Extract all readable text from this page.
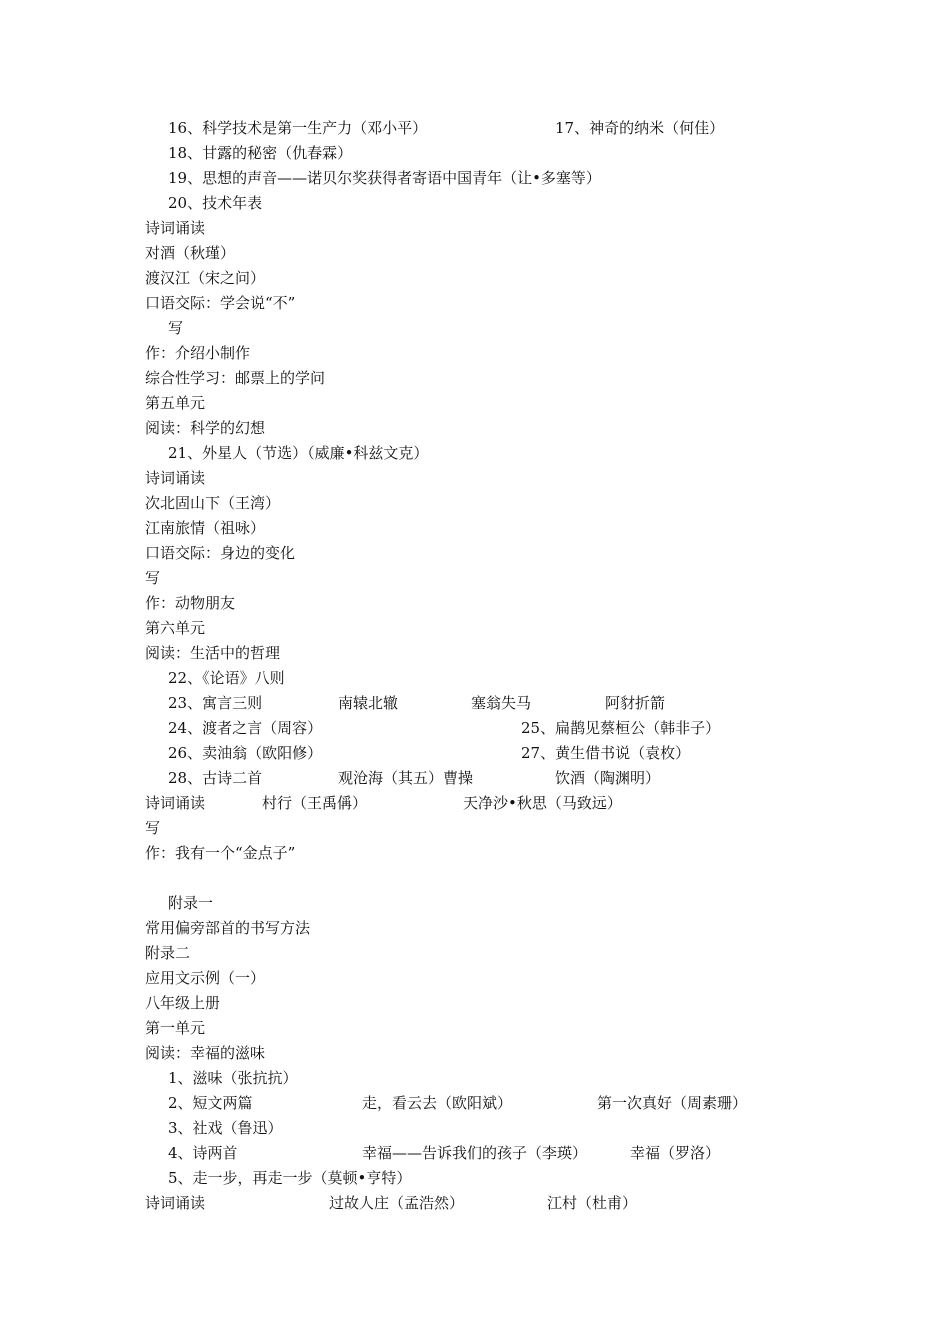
16、科学技术是第一生产力（邓小平）	17、神奇的纳米（何佳）
18、甘露的秘密（仇春霖）
19、思想的声音——诺贝尔奖获得者寄语中国青年（让•多塞等）
20、技术年表
诗词诵读
对酒（秋瑾）
渡汉江（宋之问）
口语交际：学会说“不”
写
作：介绍小制作
综合性学习：邮票上的学问
第五单元
阅读：科学的幻想
21、外星人（节选）（威廉•科兹文克）
诗词诵读
次北固山下（王湾）
江南旅情（祖咏）
口语交际：身边的变化
写
作：动物朋友
第六单元
阅读：生活中的哲理
22、《论语》八则
23、寓言三则	南辕北辙	塞翁失马	阿豺折箭
24、渡者之言（周容）	25、扁鹊见蔡桓公（韩非子）
26、卖油翁（欧阳修）	27、黄生借书说（袁枚）
28、古诗二首	观沧海（其五）曹操	饮酒（陶渊明）
诗词诵读	村行（王禹偁）	天净沙•秋思（马致远）
写
作：我有一个“金点子”
附录一
常用偏旁部首的书写方法
附录二
应用文示例（一）
八年级上册
第一单元
阅读：幸福的滋味
1、滋味（张抗抗）
2、短文两篇	走，看云去（欧阳斌）	第一次真好（周素珊）
3、社戏（鲁迅）
4、诗两首	幸福——告诉我们的孩子（李瑛）	幸福（罗洛）
5、走一步，再走一步（莫顿•亨特）
诗词诵读	过故人庄（孟浩然）	江村（杜甫）
